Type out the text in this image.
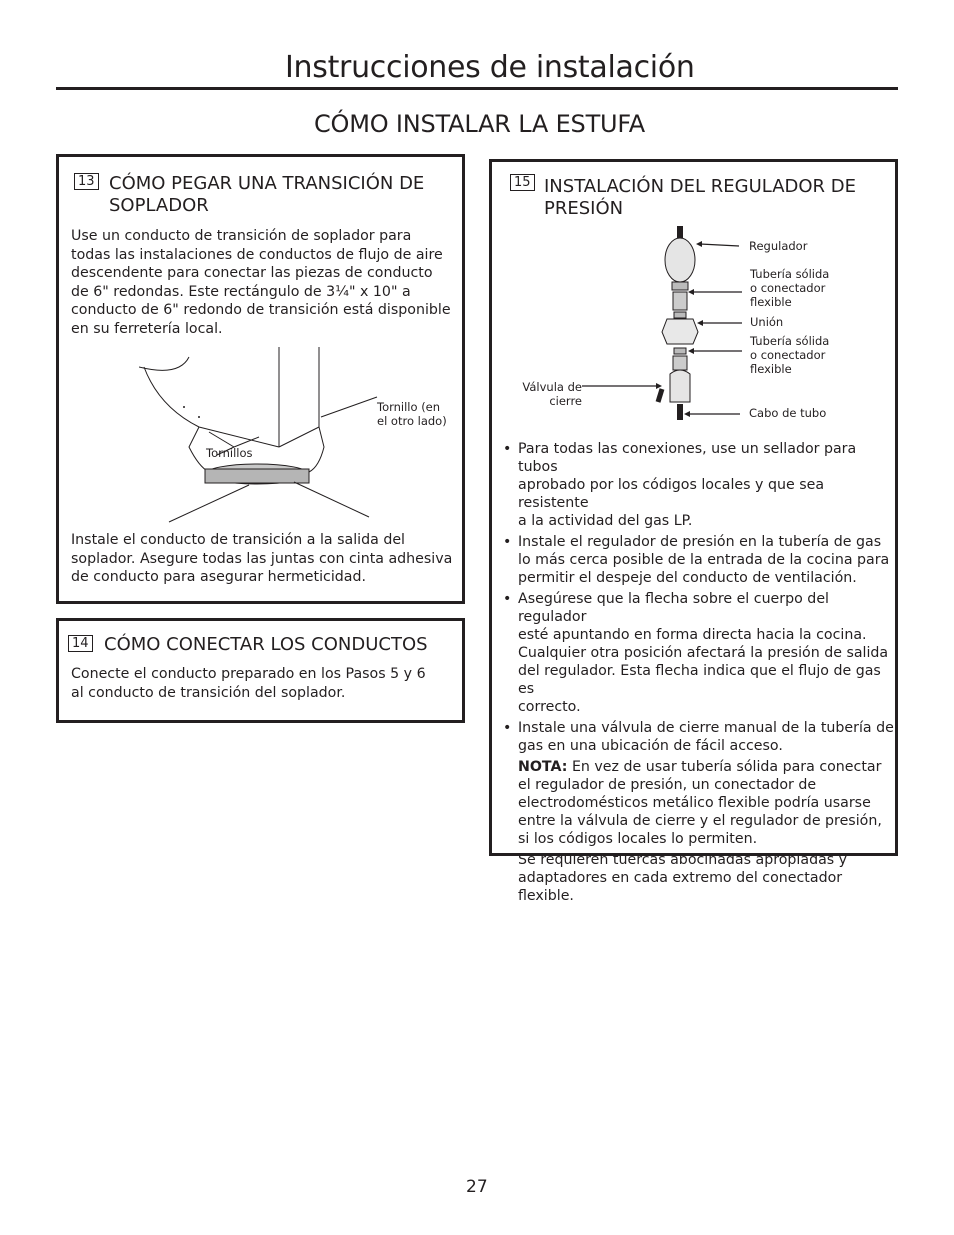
Instrucciones de instalación
CÓMO INSTALAR LA ESTUFA
13 CÓMO PEGAR UNA TRANSICIÓN DE
SOPLADOR
Use un conducto de transición de soplador para
todas las instalaciones de conductos de flujo de aire
descendente para conectar las piezas de conducto
de 6" redondas. Este rectángulo de 3¼" x 10" a
conducto de 6" redondo de transición está disponible
en su ferretería local.
Tornillo (en
el otro lado)
Tornillos
Instale el conducto de transición a la salida del
soplador. Asegure todas las juntas con cinta adhesiva
de conducto para asegurar hermeticidad.
14 CÓMO CONECTAR LOS CONDUCTOS
Conecte el conducto preparado en los Pasos 5 y 6
al conducto de transición del soplador.
15 INSTALACIÓN DEL REGULADOR DE
PRESIÓN
Regulador
Tubería sólida
o conectador
flexible
Unión
Tubería sólida
o conectador
flexible
Válvula de
cierre
Cabo de tubo
• Para todas las conexiones, use un sellador para tubos
aprobado por los códigos locales y que sea resistente
a la actividad del gas LP.
• Instale el regulador de presión en la tubería de gas
lo más cerca posible de la entrada de la cocina para
permitir el despeje del conducto de ventilación.
• Asegúrese que la flecha sobre el cuerpo del regulador
esté apuntando en forma directa hacia la cocina.
Cualquier otra posición afectará la presión de salida
del regulador. Esta flecha indica que el flujo de gas es
correcto.
• Instale una válvula de cierre manual de la tubería de
gas en una ubicación de fácil acceso.
NOTA: En vez de usar tubería sólida para conectar
el regulador de presión, un conectador de
electrodomésticos metálico flexible podría usarse
entre la válvula de cierre y el regulador de presión,
si los códigos locales lo permiten.
Se requieren tuercas abocinadas apropiadas y
adaptadores en cada extremo del conectador
flexible.
27
